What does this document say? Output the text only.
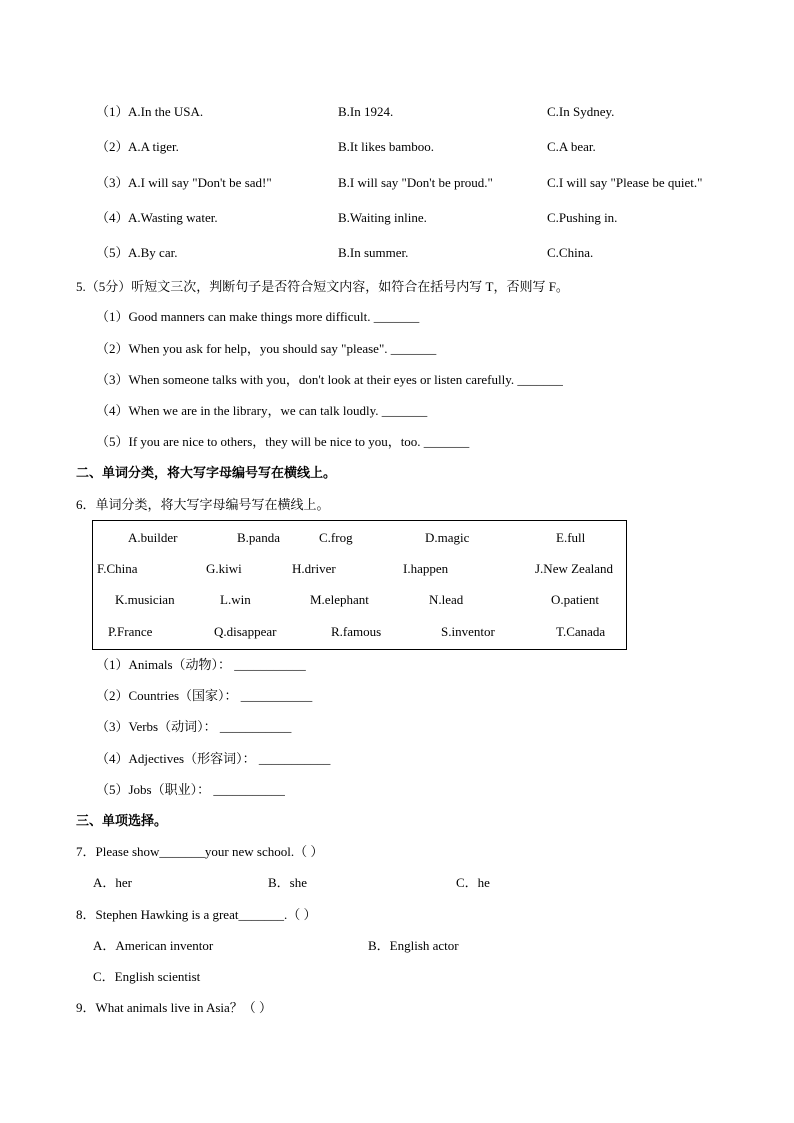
（1） A.In the USA.	B.In 1924.	C.In Sydney.
（2） A.A tiger.	B.It likes bamboo.	C.A bear.
（3） A.I will say "Don't be sad!"	B.I will say "Don't be proud."	C.I will say "Please be quiet."
（4） A.Wasting water.	B.Waiting inline.	C.Pushing in.
（5） A.By car.	B.In summer.	C.China.
5.（5分）听短文三次，判断句子是否符合短文内容，如符合在括号内写 T，否则写 F。
（1）Good manners can make things more difficult. _______
（2）When you ask for help，you should say "please". _______
（3）When someone talks with you，don't look at their eyes or listen carefully. _______
（4）When we are in the library，we can talk loudly. _______
（5）If you are nice to others，they will be nice to you，too. _______
二、单词分类，将大写字母编号写在横线上。
6．单词分类，将大写字母编号写在横线上。
A.builder	B.panda	C.frog	D.magic	E.full
F.China	G.kiwi	H.driver	I.happen	J.New Zealand
K.musician	L.win	M.elephant	N.lead	O.patient
P.France	Q.disappear	R.famous	S.inventor	T.Canada
（1）Animals（动物）： ___________
（2）Countries（国家）： ___________
（3）Verbs（动词）： ___________
（4）Adjectives（形容词）： ___________
（5）Jobs（职业）： ___________
三、单项选择。
7．Please show_______your new school.（ ）
A．her	B．she	C．he
8．Stephen Hawking is a great_______.（ ）
A．American inventor	B．English actor
C．English scientist
9．What animals live in Asia？（ ）
